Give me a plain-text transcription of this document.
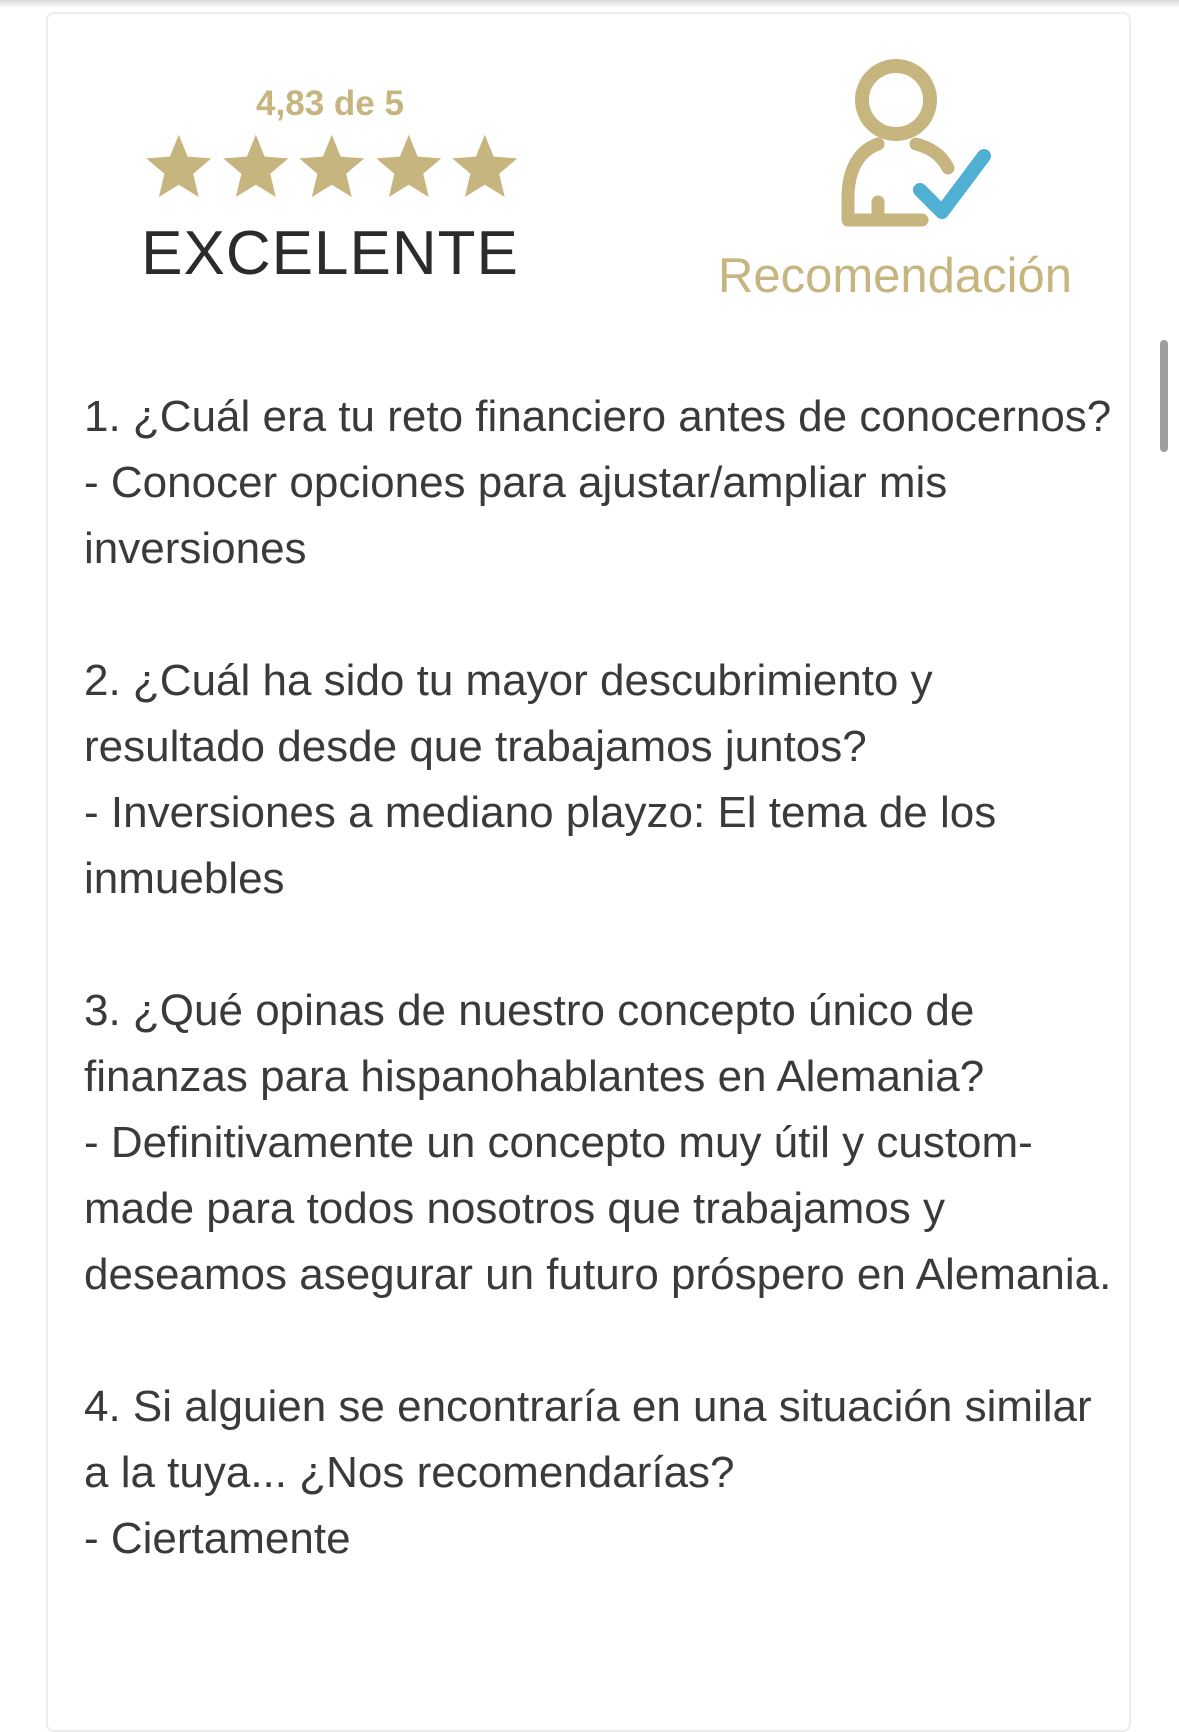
4,83 de 5
EXCELENTE	Recomendación

1. ¿Cuál era tu reto financiero antes de conocernos?

- Conocer opciones para ajustar/ampliar mis inversiones

2. ¿Cuál ha sido tu mayor descubrimiento y resultado desde que trabajamos juntos?

- Inversiones a mediano playzo: El tema de los inmuebles

3. ¿Qué opinas de nuestro concepto único de finanzas para hispanohablantes en Alemania?

- Definitivamente un concepto muy útil y custom-made para todos nosotros que trabajamos y deseamos asegurar un futuro próspero en Alemania.

4. Si alguien se encontraría en una situación similar a la tuya... ¿Nos recomendarías?

- Ciertamente
